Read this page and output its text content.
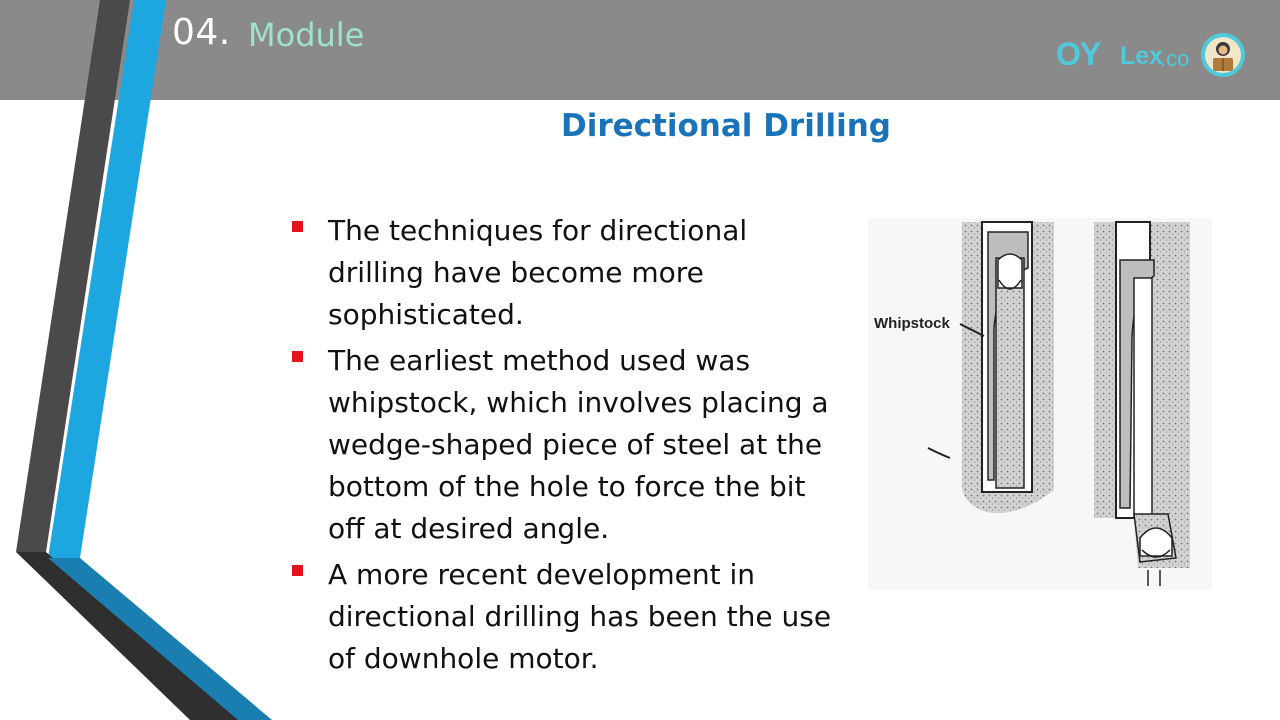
04. Module	OY Lex
.co
Directional Drilling
The techniques for directional drilling have become more sophisticated.
The earliest method used was whipstock, which involves placing a wedge-shaped piece of steel at the bottom of the hole to force the bit off at desired angle.
A more recent development in directional drilling has been the use of downhole motor.
Whipstock
